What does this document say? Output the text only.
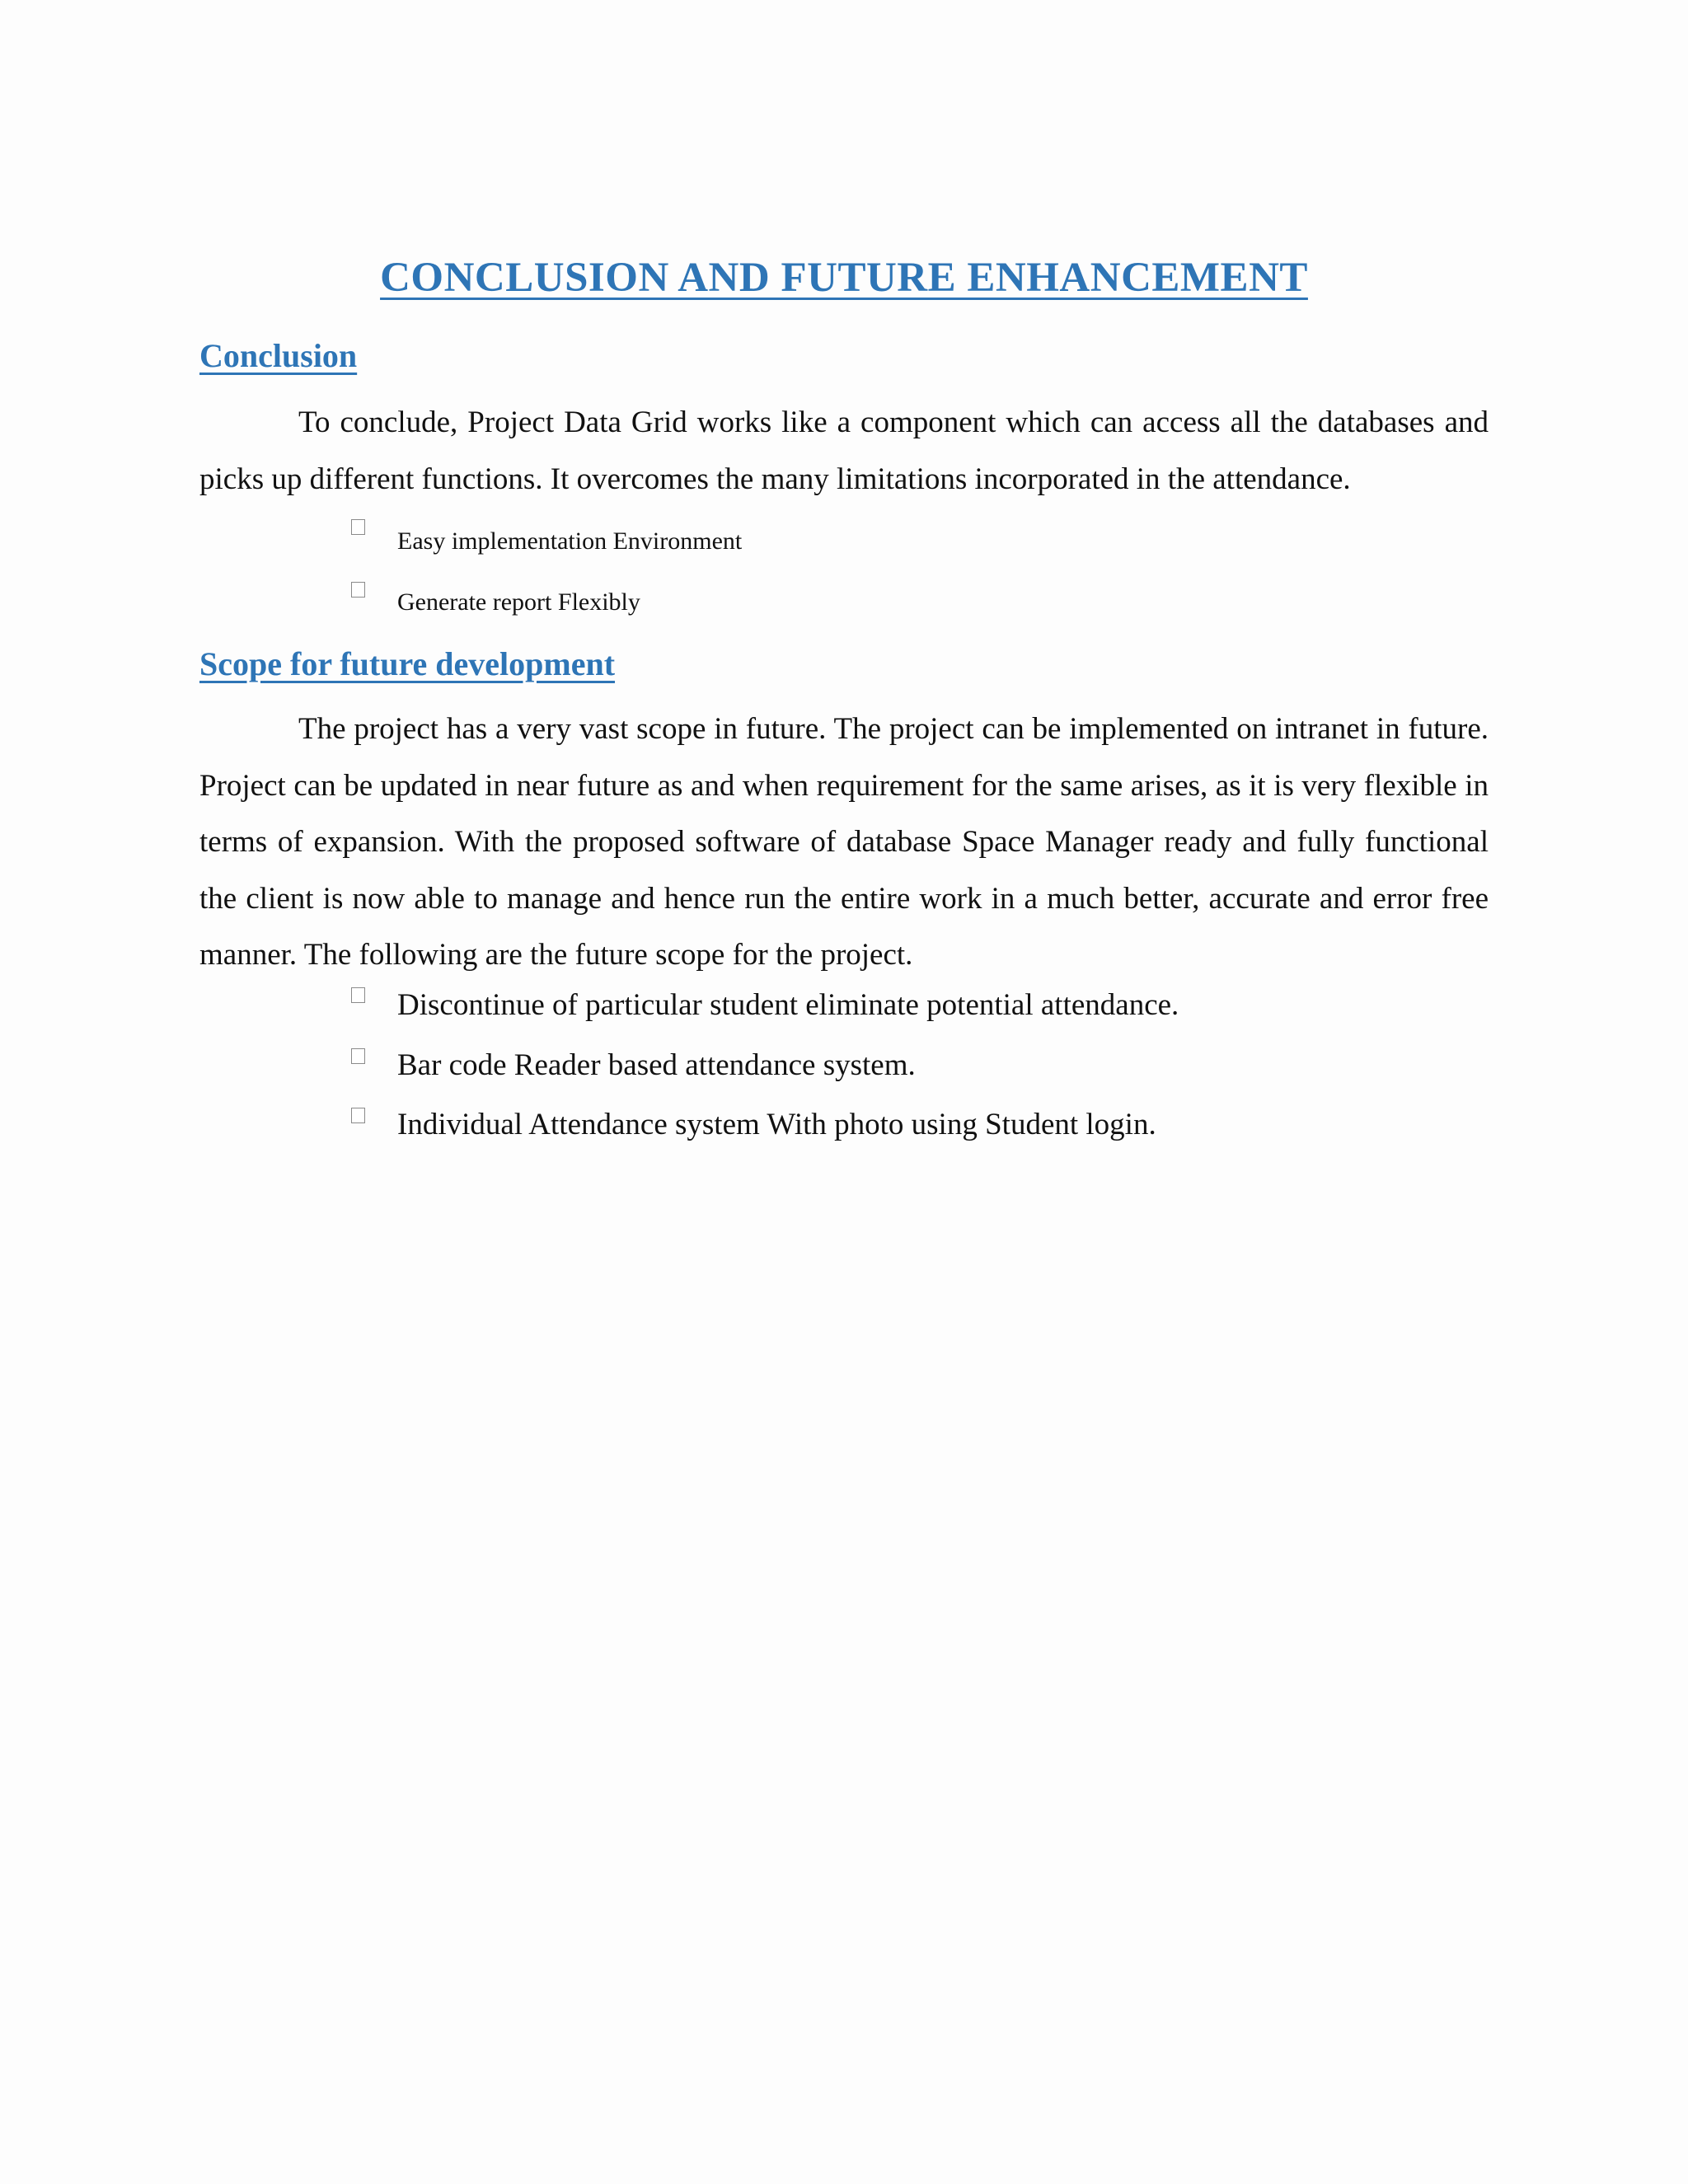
CONCLUSION AND FUTURE ENHANCEMENT
Conclusion

To conclude, Project Data Grid works like a component which can access all the databases and picks up different functions. It overcomes the many limitations incorporated in the attendance.

Easy implementation Environment
Generate report Flexibly
Scope for future development

The project has a very vast scope in future. The project can be implemented on intranet in future. Project can be updated in near future as and when requirement for the same arises, as it is very flexible in terms of expansion. With the proposed software of database Space Manager ready and fully functional the client is now able to manage and hence run the entire work in a much better, accurate and error free manner. The following are the future scope for the project.

Discontinue of particular student eliminate potential attendance.
Bar code Reader based attendance system.
Individual Attendance system With photo using Student login.
